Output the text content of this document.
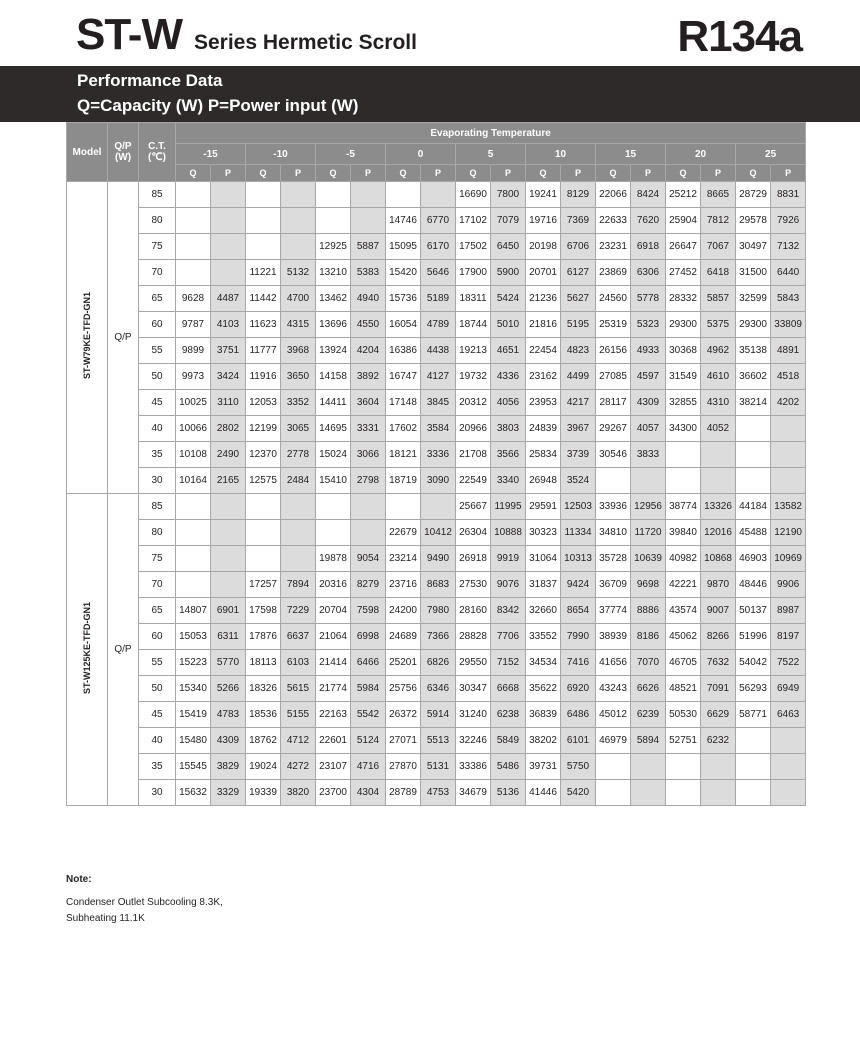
ST-W Series Hermetic Scroll	R134a
Performance Data
Q=Capacity (W) P=Power input (W)
Model	Q/P (W)	C.T. (℃)	Evaporating Temperature																	
			-15		-10		-5		0		5		10		15		20		25	
			Q	P	Q	P	Q	P	Q	P	Q	P	Q	P	Q	P	Q	P	Q	P
ST-W79KE-TFD-GN1	Q/P	85									16690	7800	19241	8129	22066	8424	25212	8665	28729	8831
		80							14746	6770	17102	7079	19716	7369	22633	7620	25904	7812	29578	7926
		75					12925	5887	15095	6170	17502	6450	20198	6706	23231	6918	26647	7067	30497	7132
		70			11221	5132	13210	5383	15420	5646	17900	5900	20701	6127	23869	6306	27452	6418	31500	6440
		65	9628	4487	11442	4700	13462	4940	15736	5189	18311	5424	21236	5627	24560	5778	28332	5857	32599	5843
		60	9787	4103	11623	4315	13696	4550	16054	4789	18744	5010	21816	5195	25319	5323	29300	5375	29300	33809
		55	9899	3751	11777	3968	13924	4204	16386	4438	19213	4651	22454	4823	26156	4933	30368	4962	35138	4891
		50	9973	3424	11916	3650	14158	3892	16747	4127	19732	4336	23162	4499	27085	4597	31549	4610	36602	4518
		45	10025	3110	12053	3352	14411	3604	17148	3845	20312	4056	23953	4217	28117	4309	32855	4310	38214	4202
		40	10066	2802	12199	3065	14695	3331	17602	3584	20966	3803	24839	3967	29267	4057	34300	4052		
		35	10108	2490	12370	2778	15024	3066	18121	3336	21708	3566	25834	3739	30546	3833				
		30	10164	2165	12575	2484	15410	2798	18719	3090	22549	3340	26948	3524						
ST-W125KE-TFD-GN1	Q/P	85									25667	11995	29591	12503	33936	12956	38774	13326	44184	13582
		80							22679	10412	26304	10888	30323	11334	34810	11720	39840	12016	45488	12190
		75					19878	9054	23214	9490	26918	9919	31064	10313	35728	10639	40982	10868	46903	10969
		70			17257	7894	20316	8279	23716	8683	27530	9076	31837	9424	36709	9698	42221	9870	48446	9906
		65	14807	6901	17598	7229	20704	7598	24200	7980	28160	8342	32660	8654	37774	8886	43574	9007	50137	8987
		60	15053	6311	17876	6637	21064	6998	24689	7366	28828	7706	33552	7990	38939	8186	45062	8266	51996	8197
		55	15223	5770	18113	6103	21414	6466	25201	6826	29550	7152	34534	7416	41656	7070	46705	7632	54042	7522
		50	15340	5266	18326	5615	21774	5984	25756	6346	30347	6668	35622	6920	43243	6626	48521	7091	56293	6949
		45	15419	4783	18536	5155	22163	5542	26372	5914	31240	6238	36839	6486	45012	6239	50530	6629	58771	6463
		40	15480	4309	18762	4712	22601	5124	27071	5513	32246	5849	38202	6101	46979	5894	52751	6232		
		35	15545	3829	19024	4272	23107	4716	27870	5131	33386	5486	39731	5750						
		30	15632	3329	19339	3820	23700	4304	28789	4753	34679	5136	41446	5420						
Note:
Condenser Outlet Subcooling 8.3K,
Subheating 11.1K
